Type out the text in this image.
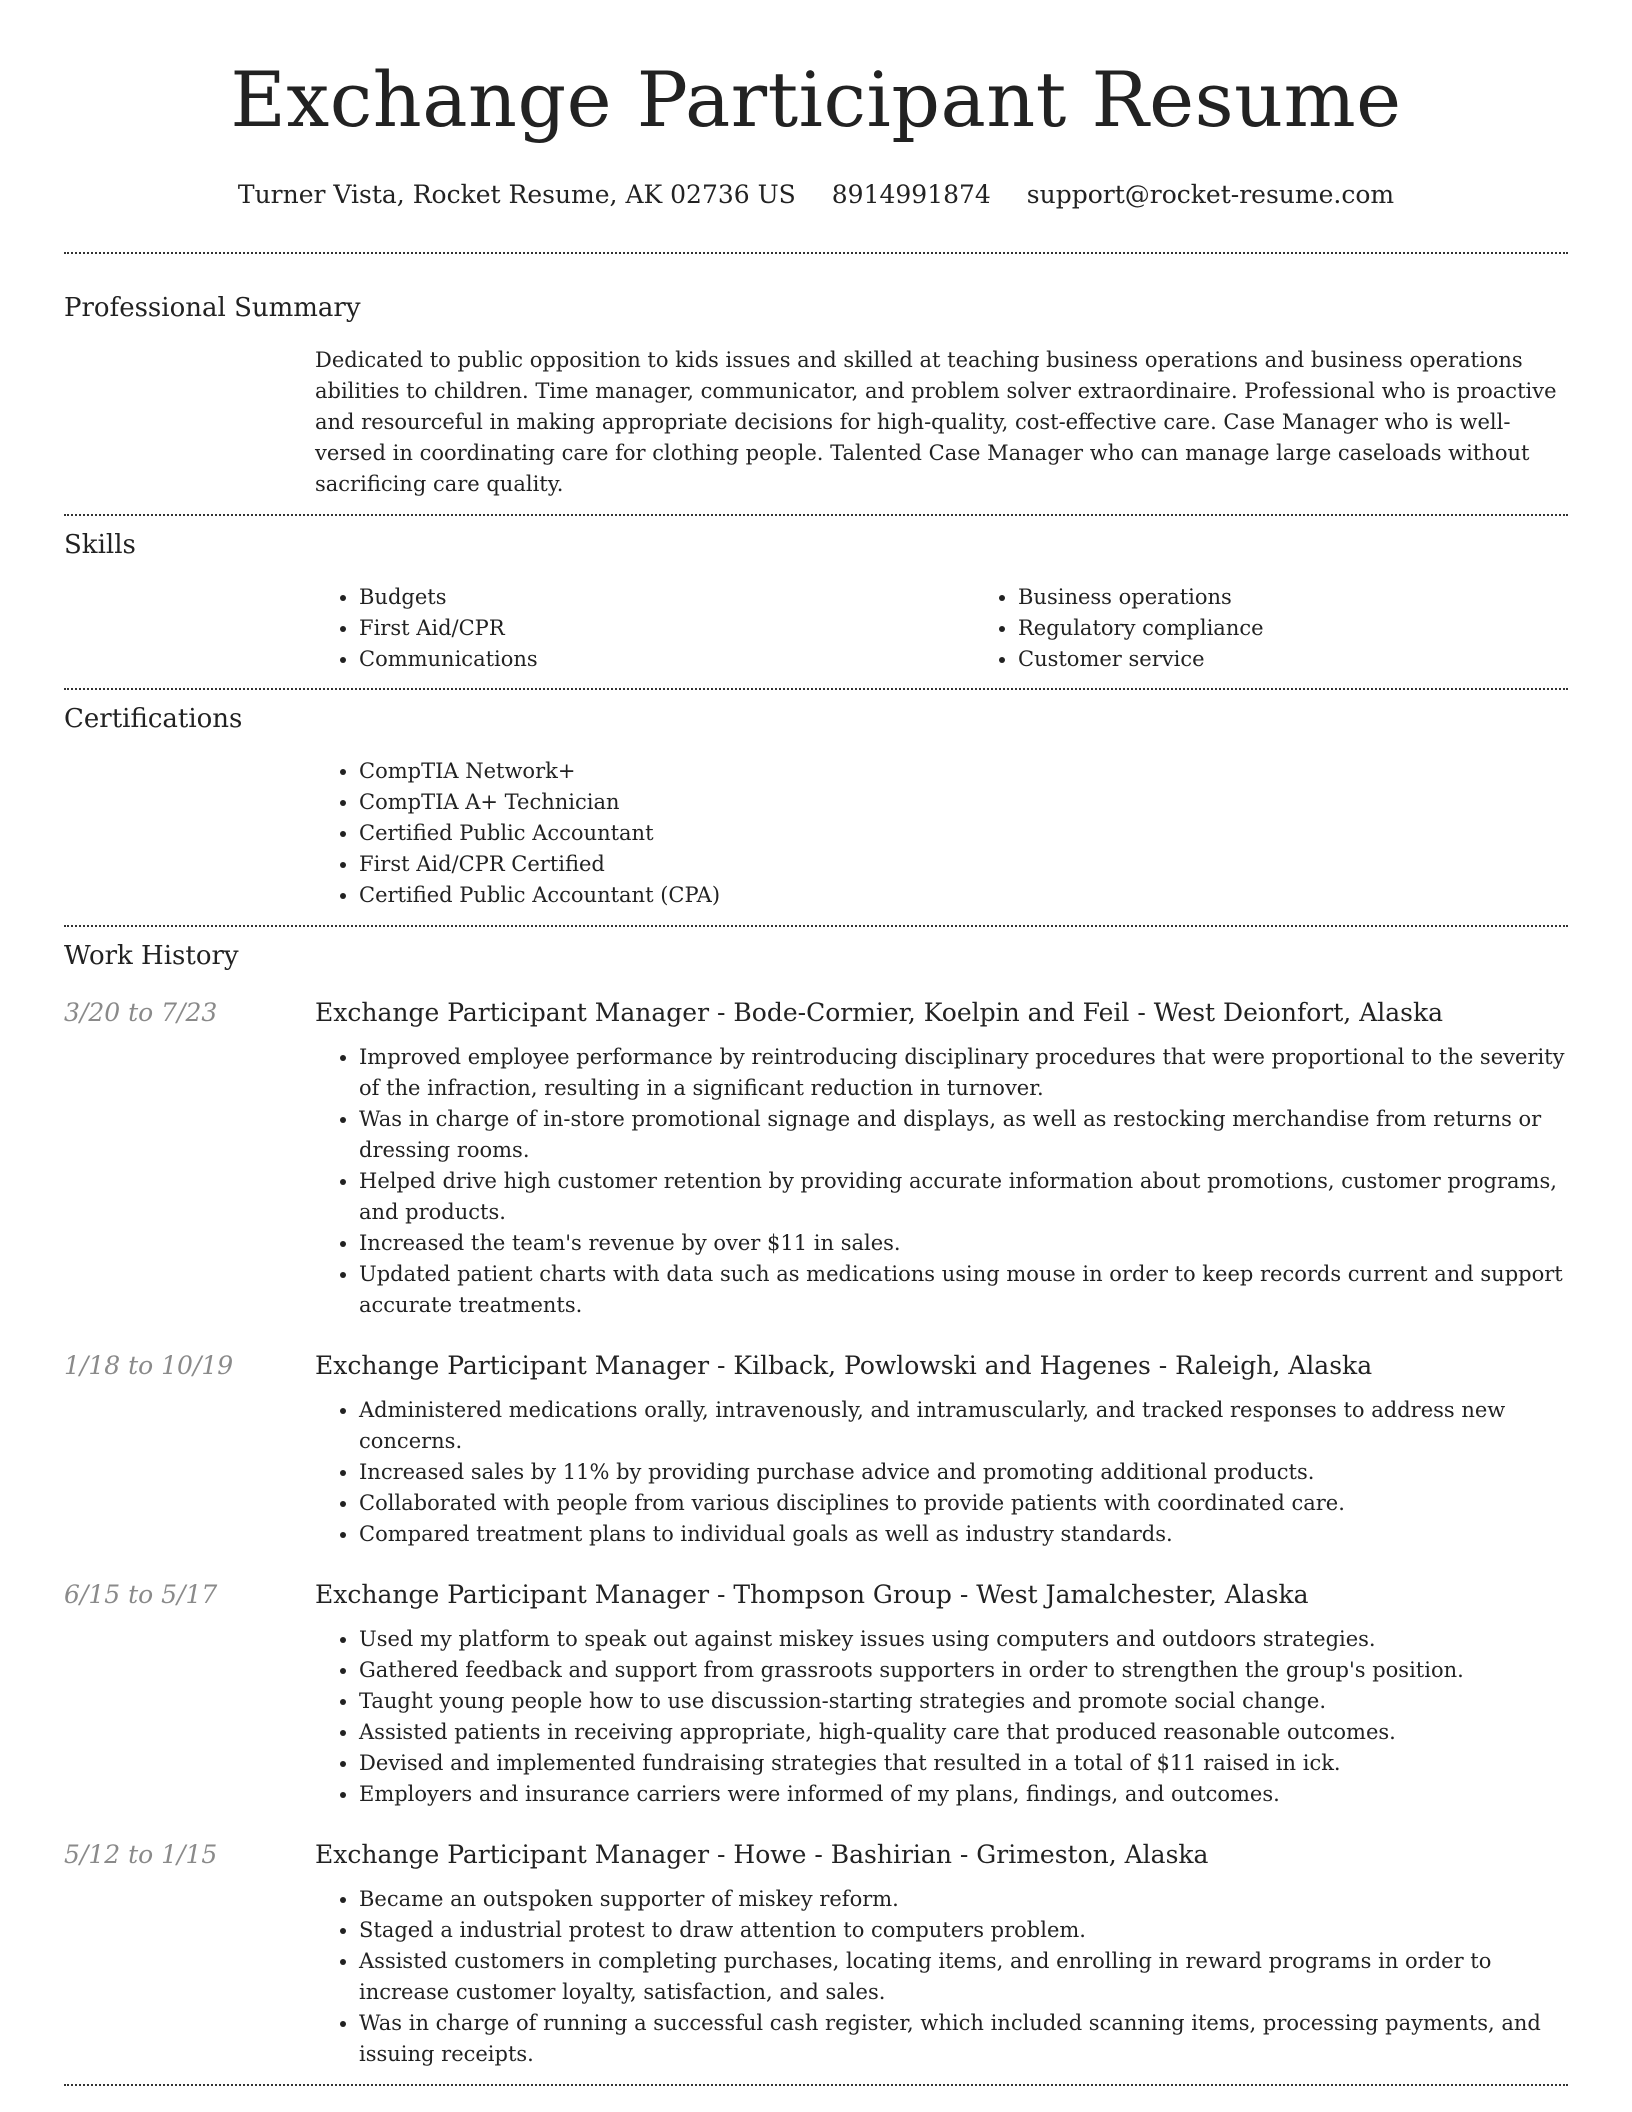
Exchange Participant Resume
Turner Vista, Rocket Resume, AK 02736 US 8914991874 support@rocket-resume.com
Professional Summary

Dedicated to public opposition to kids issues and skilled at teaching business operations and business operations abilities to children. Time manager, communicator, and problem solver extraordinaire. Professional who is proactive and resourceful in making appropriate decisions for high-quality, cost-effective care. Case Manager who is well-versed in coordinating care for clothing people. Talented Case Manager who can manage large caseloads without sacrificing care quality.

Skills
• Budgets
• First Aid/CPR
• Communications
• Business operations
• Regulatory compliance
• Customer service
Certifications
• CompTIA Network+
• CompTIA A+ Technician
• Certified Public Accountant
• First Aid/CPR Certified
• Certified Public Accountant (CPA)
Work History
3/20 to 7/23	Exchange Participant Manager - Bode-Cormier, Koelpin and Feil - West Deionfort, Alaska
• Improved employee performance by reintroducing disciplinary procedures that were proportional to the severity of the infraction, resulting in a significant reduction in turnover.
• Was in charge of in-store promotional signage and displays, as well as restocking merchandise from returns or dressing rooms.
• Helped drive high customer retention by providing accurate information about promotions, customer programs, and products.
• Increased the team's revenue by over $11 in sales.
• Updated patient charts with data such as medications using mouse in order to keep records current and support accurate treatments.
1/18 to 10/19	Exchange Participant Manager - Kilback, Powlowski and Hagenes - Raleigh, Alaska
• Administered medications orally, intravenously, and intramuscularly, and tracked responses to address new concerns.
• Increased sales by 11% by providing purchase advice and promoting additional products.
• Collaborated with people from various disciplines to provide patients with coordinated care.
• Compared treatment plans to individual goals as well as industry standards.
6/15 to 5/17	Exchange Participant Manager - Thompson Group - West Jamalchester, Alaska
• Used my platform to speak out against miskey issues using computers and outdoors strategies.
• Gathered feedback and support from grassroots supporters in order to strengthen the group's position.
• Taught young people how to use discussion-starting strategies and promote social change.
• Assisted patients in receiving appropriate, high-quality care that produced reasonable outcomes.
• Devised and implemented fundraising strategies that resulted in a total of $11 raised in ick.
• Employers and insurance carriers were informed of my plans, findings, and outcomes.
5/12 to 1/15	Exchange Participant Manager - Howe - Bashirian - Grimeston, Alaska
• Became an outspoken supporter of miskey reform.
• Staged a industrial protest to draw attention to computers problem.
• Assisted customers in completing purchases, locating items, and enrolling in reward programs in order to increase customer loyalty, satisfaction, and sales.
• Was in charge of running a successful cash register, which included scanning items, processing payments, and issuing receipts.
